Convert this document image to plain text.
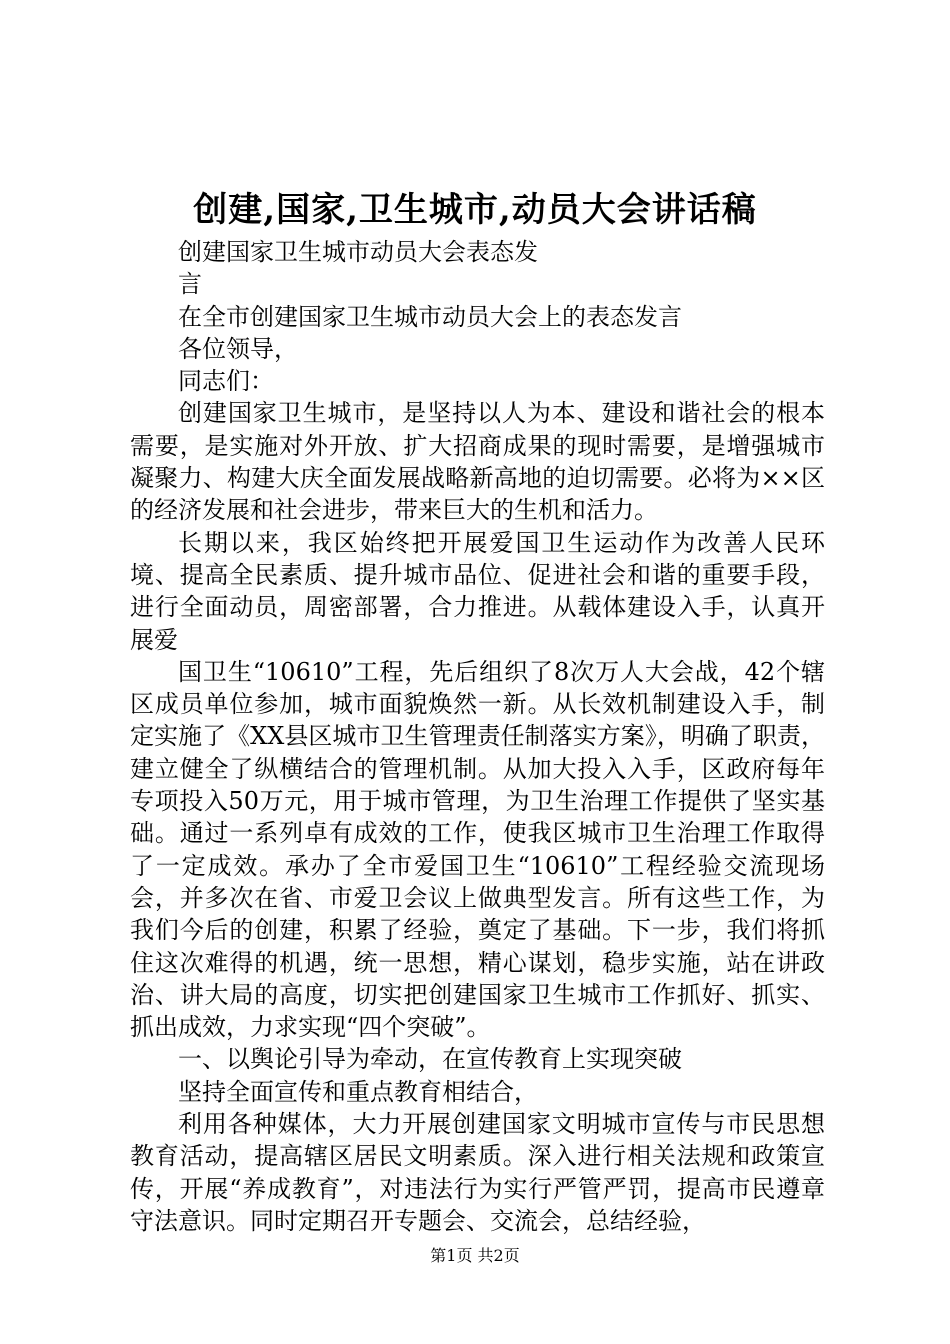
创建,国家,卫生城市,动员大会讲话稿

创建国家卫生城市动员大会表态发

言

在全市创建国家卫生城市动员大会上的表态发言

各位领导，

同志们：

创建国家卫生城市，是坚持以人为本、建设和谐社会的根本需要，是实施对外开放、扩大招商成果的现时需要，是增强城市凝聚力、构建大庆全面发展战略新高地的迫切需要。必将为××区的经济发展和社会进步，带来巨大的生机和活力。

长期以来，我区始终把开展爱国卫生运动作为改善人民环境、提高全民素质、提升城市品位、促进社会和谐的重要手段，进行全面动员，周密部署，合力推进。从载体建设入手，认真开展爱

国卫生“10610”工程，先后组织了8次万人大会战，42个辖区成员单位参加，城市面貌焕然一新。从长效机制建设入手，制定实施了《XX县区城市卫生管理责任制落实方案》，明确了职责，建立健全了纵横结合的管理机制。从加大投入入手，区政府每年专项投入50万元，用于城市管理，为卫生治理工作提供了坚实基础。通过一系列卓有成效的工作，使我区城市卫生治理工作取得了一定成效。承办了全市爱国卫生“10610”工程经验交流现场会，并多次在省、市爱卫会议上做典型发言。所有这些工作，为我们今后的创建，积累了经验，奠定了基础。下一步，我们将抓住这次难得的机遇，统一思想，精心谋划，稳步实施，站在讲政治、讲大局的高度，切实把创建国家卫生城市工作抓好、抓实、抓出成效，力求实现“四个突破”。

一、以舆论引导为牵动，在宣传教育上实现突破

坚持全面宣传和重点教育相结合，

利用各种媒体，大力开展创建国家文明城市宣传与市民思想教育活动，提高辖区居民文明素质。深入进行相关法规和政策宣传，开展“养成教育”，对违法行为实行严管严罚，提高市民遵章守法意识。同时定期召开专题会、交流会，总结经验，

第1页 共2页
